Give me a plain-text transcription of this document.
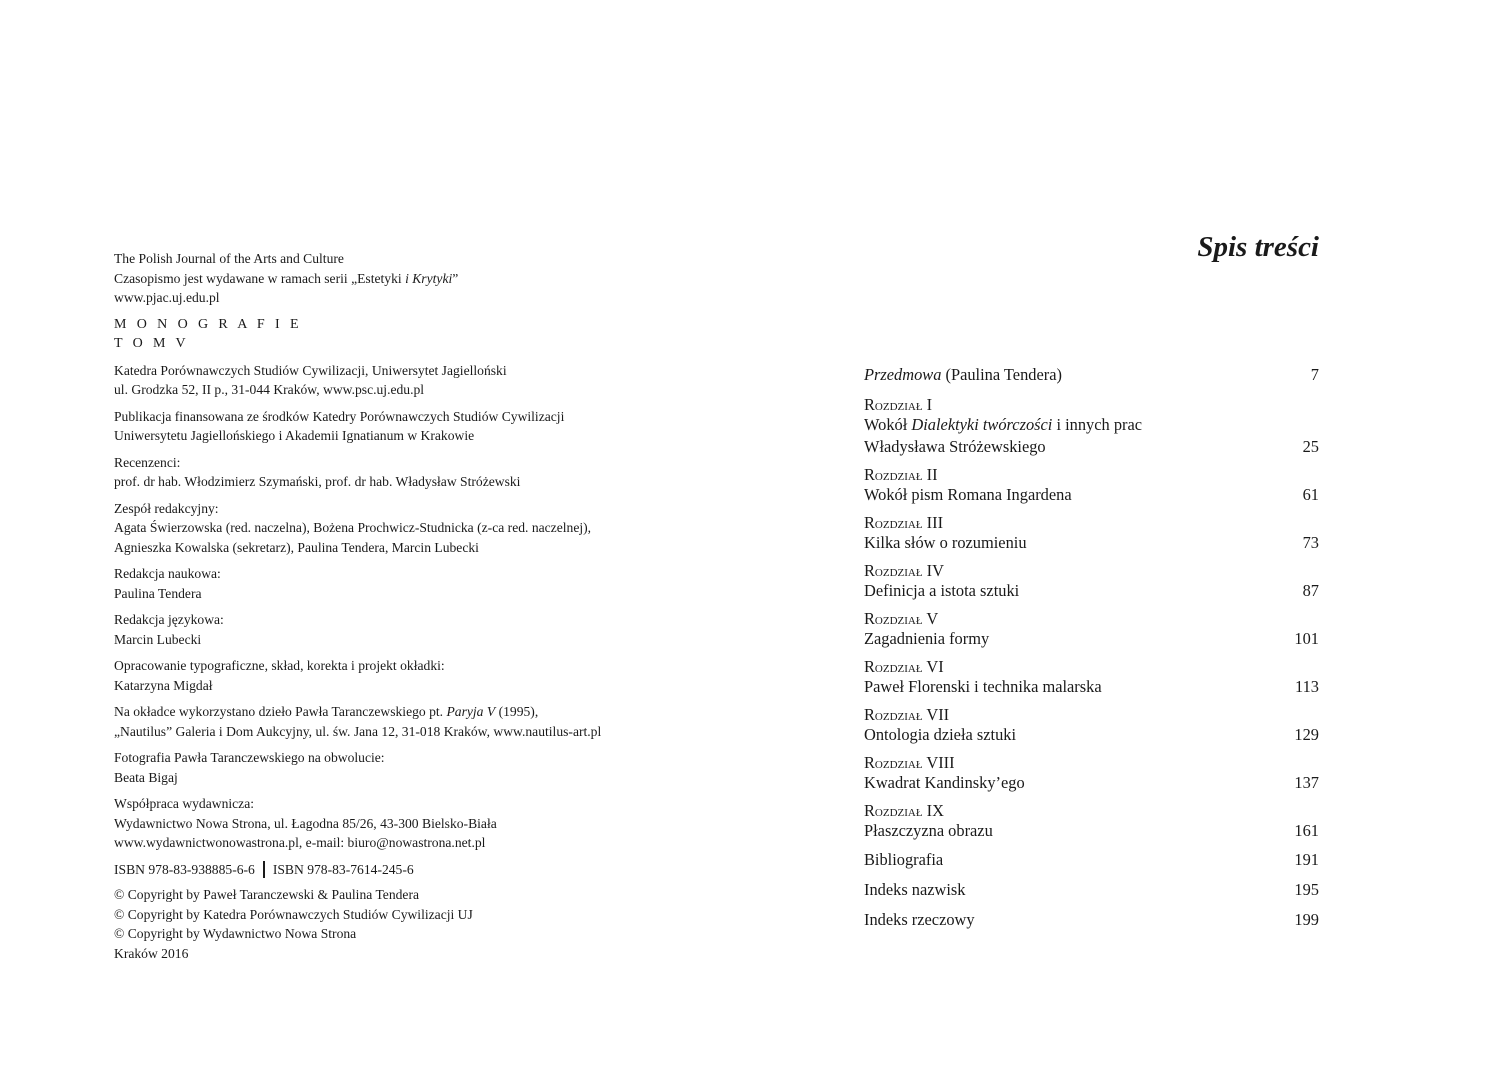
The Polish Journal of the Arts and Culture
Czasopismo jest wydawane w ramach serii „Estetyki i Krytyki”
www.pjac.uj.edu.pl
M O N O G R A F I E
T O M V
Katedra Porównawczych Studiów Cywilizacji, Uniwersytet Jagielloński
ul. Grodzka 52, II p., 31-044 Kraków, www.psc.uj.edu.pl
Publikacja finansowana ze środków Katedry Porównawczych Studiów Cywilizacji
Uniwersytetu Jagiellońskiego i Akademii Ignatianum w Krakowie
Recenzenci:
prof. dr hab. Włodzimierz Szymański, prof. dr hab. Władysław Stróżewski
Zespół redakcyjny:
Agata Świerzowska (red. naczelna), Bożena Prochwicz-Studnicka (z-ca red. naczelnej),
Agnieszka Kowalska (sekretarz), Paulina Tendera, Marcin Lubecki
Redakcja naukowa:
Paulina Tendera
Redakcja językowa:
Marcin Lubecki
Opracowanie typograficzne, skład, korekta i projekt okładki:
Katarzyna Migdał
Na okładce wykorzystano dzieło Pawła Taranczewskiego pt. Paryja V (1995),
„Nautilus” Galeria i Dom Aukcyjny, ul. św. Jana 12, 31-018 Kraków, www.nautilus-art.pl
Fotografia Pawła Taranczewskiego na obwolucie:
Beata Bigaj
Współpraca wydawnicza:
Wydawnictwo Nowa Strona, ul. Łagodna 85/26, 43-300 Bielsko-Biała
www.wydawnictwonowastrona.pl, e-mail: biuro@nowastrona.net.pl
ISBN 978-83-938885-6-6 ISBN 978-83-7614-245-6
© Copyright by Paweł Taranczewski & Paulina Tendera
© Copyright by Katedra Porównawczych Studiów Cywilizacji UJ
© Copyright by Wydawnictwo Nowa Strona
Kraków 2016
Spis treści
Przedmowa (Paulina Tendera)	7
Rozdział I
Wokół Dialektyki twórczości i innych prac
Władysława Stróżewskiego	25
Rozdział II
Wokół pism Romana Ingardena	61
Rozdział III
Kilka słów o rozumieniu	73
Rozdział IV
Definicja a istota sztuki	87
Rozdział V
Zagadnienia formy	101
Rozdział VI
Paweł Florenski i technika malarska	113
Rozdział VII
Ontologia dzieła sztuki	129
Rozdział VIII
Kwadrat Kandinsky’ego	137
Rozdział IX
Płaszczyzna obrazu	161
Bibliografia	191
Indeks nazwisk	195
Indeks rzeczowy	199
